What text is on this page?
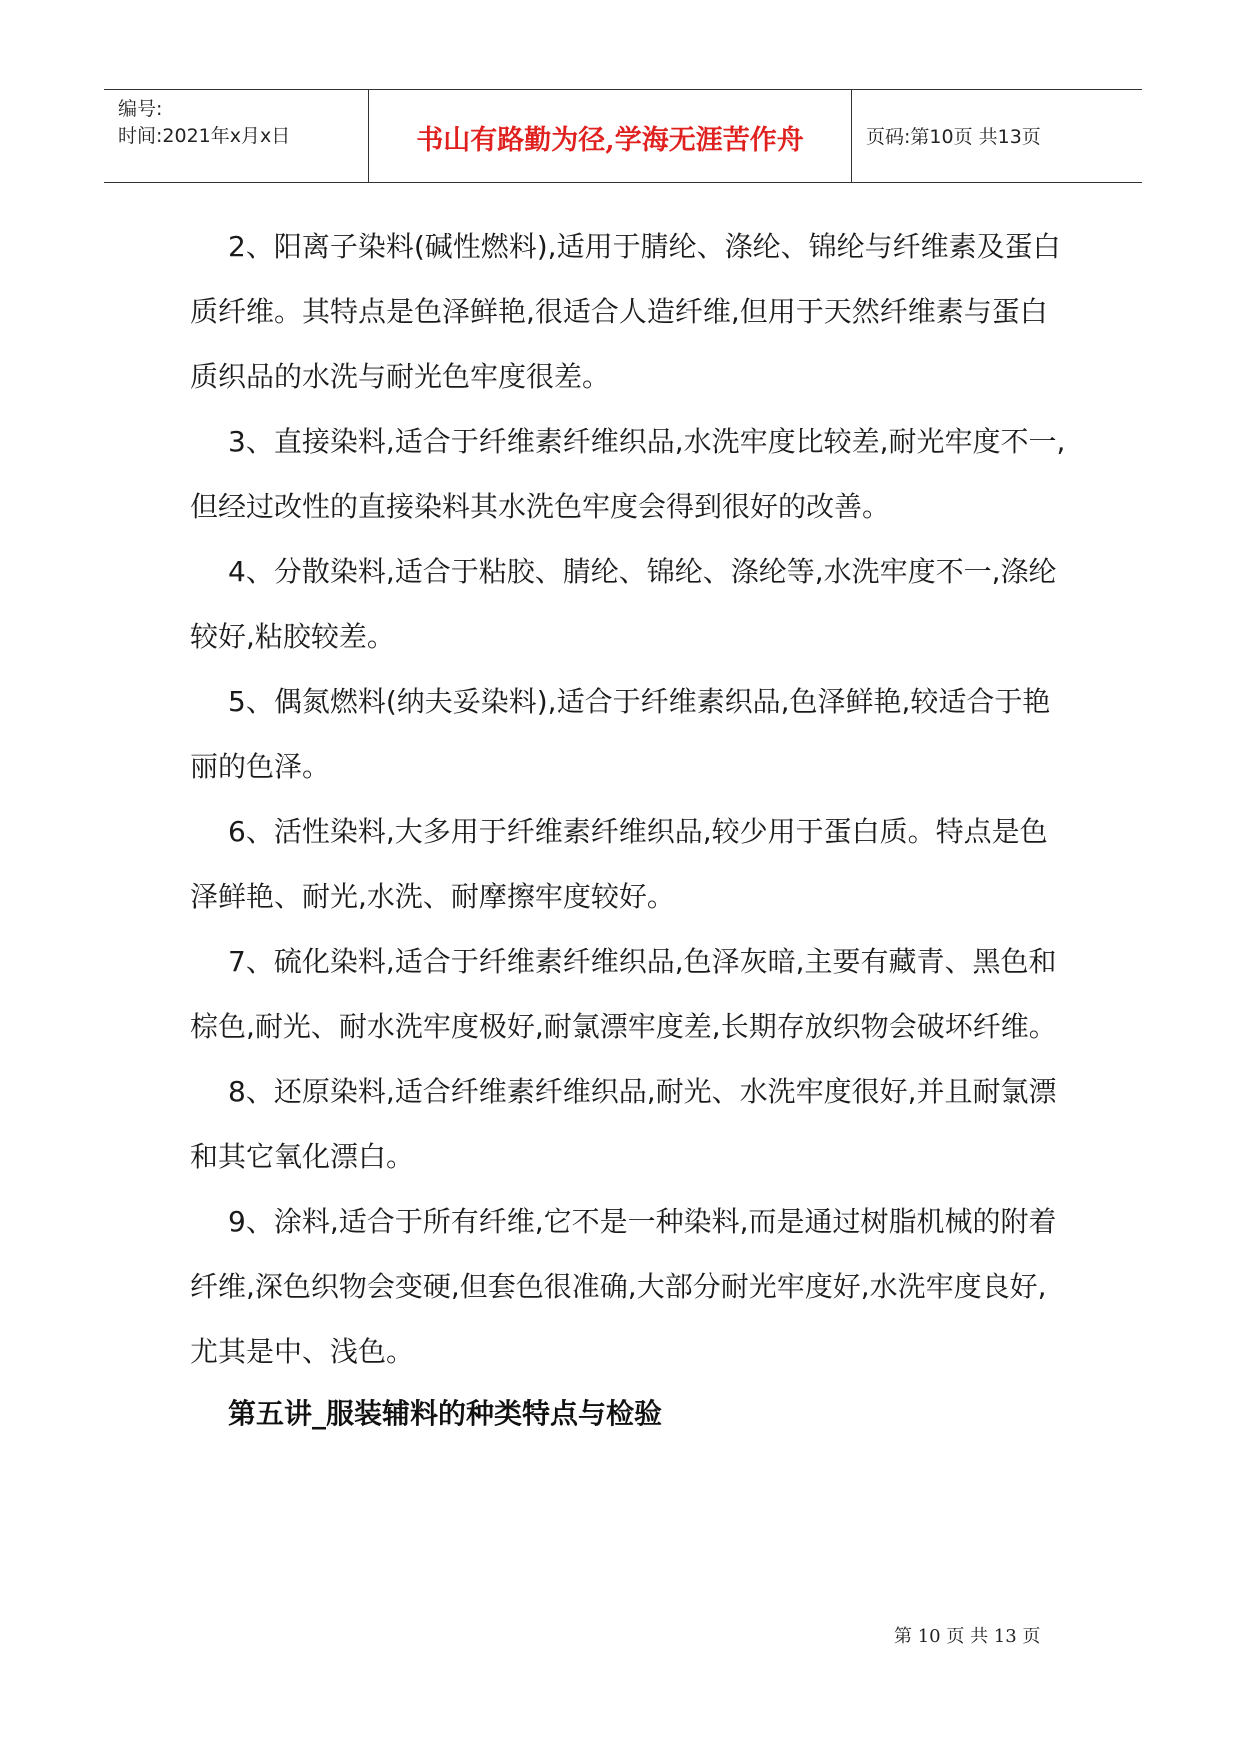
编号:
时间:2021年x月x日	书山有路勤为径,学海无涯苦作舟	页码:第10页 共13页

2、阳离子染料(碱性燃料),适用于腈纶、涤纶、锦纶与纤维素及蛋白质纤维。其特点是色泽鲜艳,很适合人造纤维,但用于天然纤维素与蛋白质织品的水洗与耐光色牢度很差。

3、直接染料,适合于纤维素纤维织品,水洗牢度比较差,耐光牢度不一,但经过改性的直接染料其水洗色牢度会得到很好的改善。

4、分散染料,适合于粘胶、腈纶、锦纶、涤纶等,水洗牢度不一,涤纶较好,粘胶较差。

5、偶氮燃料(纳夫妥染料),适合于纤维素织品,色泽鲜艳,较适合于艳丽的色泽。

6、活性染料,大多用于纤维素纤维织品,较少用于蛋白质。特点是色泽鲜艳、耐光,水洗、耐摩擦牢度较好。

7、硫化染料,适合于纤维素纤维织品,色泽灰暗,主要有藏青、黑色和棕色,耐光、耐水洗牢度极好,耐氯漂牢度差,长期存放织物会破坏纤维。

8、还原染料,适合纤维素纤维织品,耐光、水洗牢度很好,并且耐氯漂和其它氧化漂白。

9、涂料,适合于所有纤维,它不是一种染料,而是通过树脂机械的附着纤维,深色织物会变硬,但套色很准确,大部分耐光牢度好,水洗牢度良好,尤其是中、浅色。

第五讲_服装辅料的种类特点与检验
第 10 页 共 13 页
